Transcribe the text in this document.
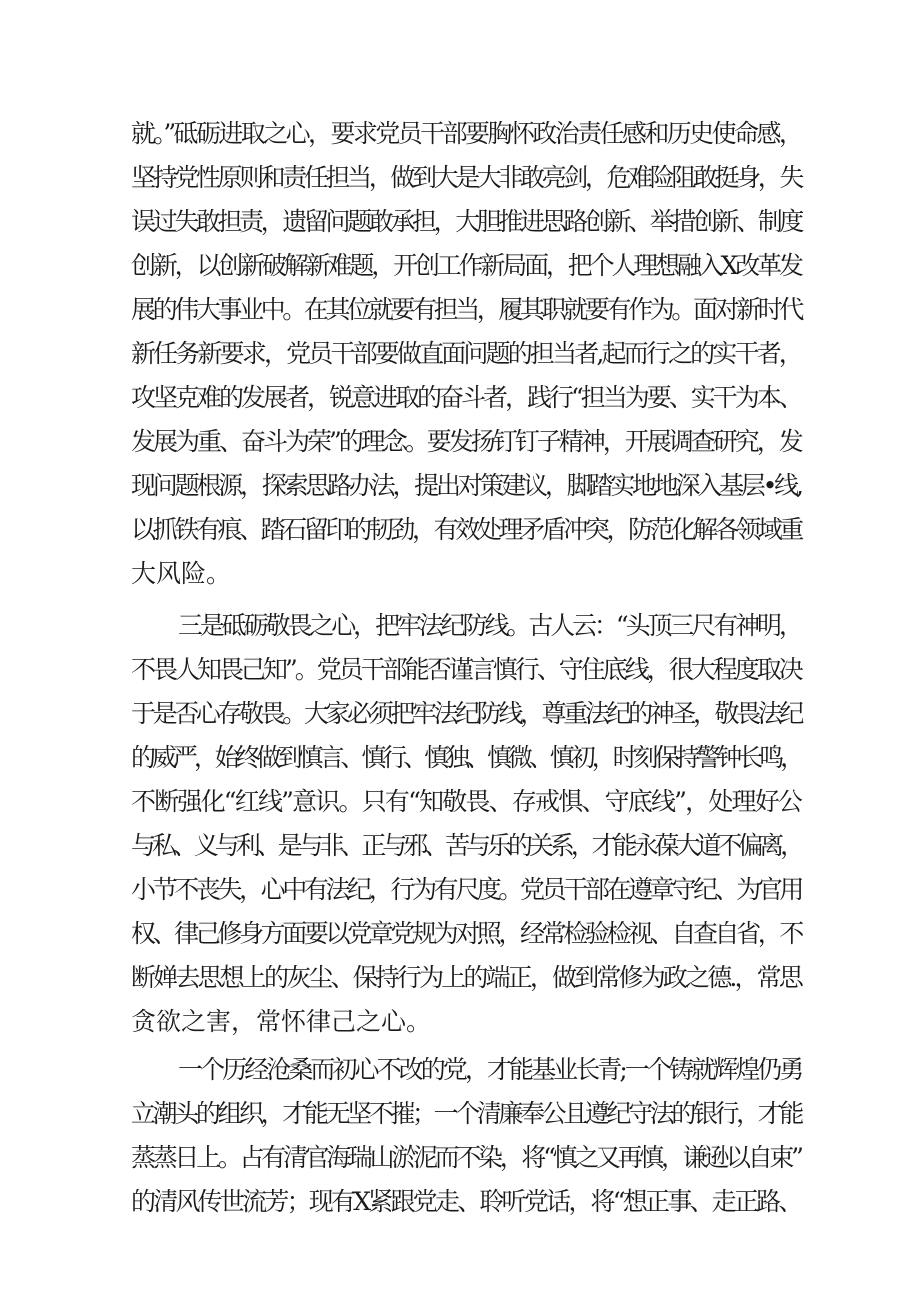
就。”砥砺进取之心，要求党员干部要胸怀政治责任感和历史使命感，
坚持党性原则和责任担当，做到大是大非敢亮剑，危难险阻敢挺身，失
误过失敢担责，遗留问题敢承担，大胆推进思路创新、举措创新、制度
创新，以创新破解新难题，开创工作新局面，把个人理想融入X改革发
展的伟大事业中。在其位就要有担当，履其职就要有作为。面对新时代
新任务新要求，党员干部要做直面问题的担当者,起而行之的实干者，
攻坚克难的发展者，锐意进取的奋斗者，践行“担当为要、实干为本、
发展为重、奋斗为荣”的理念。要发扬钉钉子精神，开展调查研究，发
现问题根源，探索思路办法，提出对策建议，脚踏实地地深入基层•线,
以抓铁有痕、踏石留印的韧劲，有效处理矛盾冲突，防范化解各领域重
大风险。
三是砥砺敬畏之心，把牢法纪防线。古人云：“头顶三尺有神明，
不畏人知畏己知”。党员干部能否谨言慎行、守住底线，很大程度取决
于是否心存敬畏。大家必须把牢法纪防线，尊重法纪的神圣，敬畏法纪
的威严，始终做到慎言、慎行、慎独、慎微、慎初，时刻保持警钟长鸣，
不断强化“红线”意识。只有“知敬畏、存戒惧、守底线”，处理好公
与私、义与利、是与非、正与邪、苦与乐的关系，才能永葆大道不偏离，
小节不丧失，心中有法纪，行为有尺度。党员干部在遵章守纪、为官用
权、律己修身方面要以党章党规为对照，经常检验检视、自查自省，不
断婵去思想上的灰尘、保持行为上的端正，做到常修为政之德.，常思
贪欲之害，常怀律己之心。
一个历经沧桑而初心不改的党，才能基业长青;一个铸就辉煌仍勇
立潮头的组织，才能无坚不摧；一个清廉奉公且遵纪守法的银行，才能
蒸蒸日上。占有清官海瑞山淤泥而不染，将“慎之又再慎，谦逊以自束”
的清风传世流芳；现有X紧跟党走、聆听党话，将“想正事、走正路、
